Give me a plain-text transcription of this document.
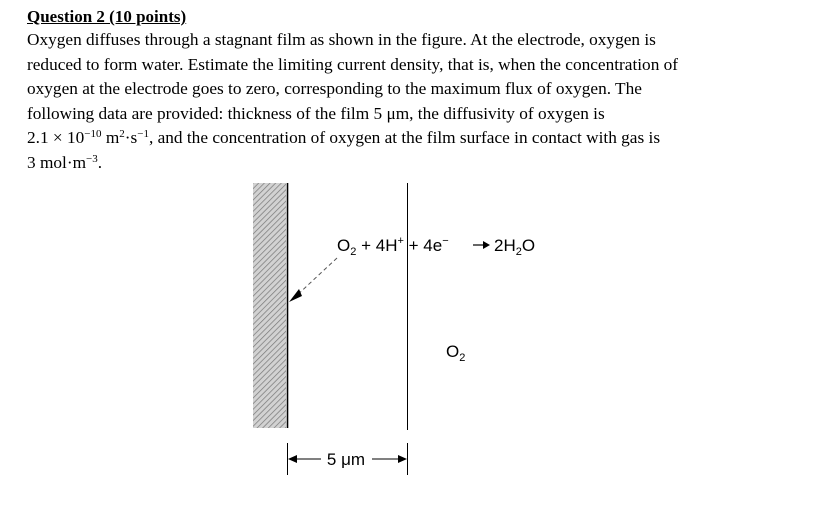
Question 2 (10 points)

Oxygen diffuses through a stagnant film as shown in the figure. At the electrode, oxygen is
reduced to form water. Estimate the limiting current density, that is, when the concentration of
oxygen at the electrode goes to zero, corresponding to the maximum flux of oxygen. The
following data are provided: thickness of the film 5 μm, the diffusivity of oxygen is
$2.1 \times 10^{-10}$ $m^2\cdot s^{-1}$, and the concentration of oxygen at the film surface in contact with gas is
3 $mol\cdot m^{-3}$.

$O_2 + 4H^+ + 4e^-$	$2H_2O$
$O_2$
5 μm
